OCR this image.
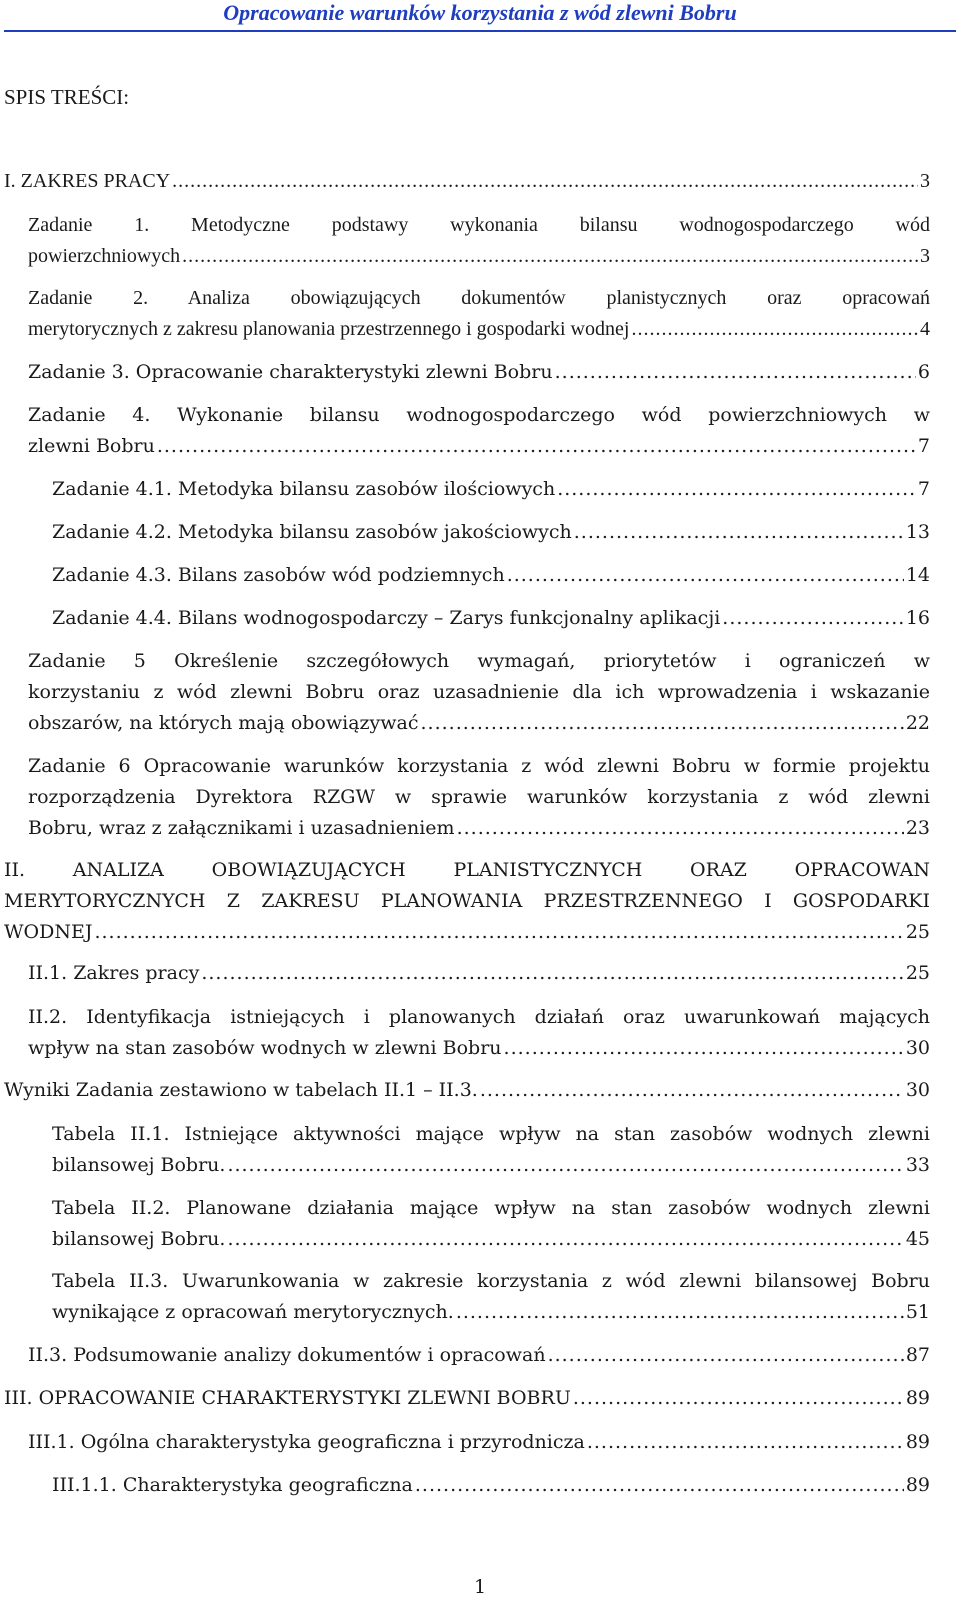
Opracowanie warunków korzystania z wód zlewni Bobru
SPIS TREŚCI:
I. ZAKRES PRACY .....	3
Zadanie 1. Metodyczne podstawy wykonania bilansu wodnogospodarczego wód
powierzchniowych .....	3
Zadanie 2. Analiza obowiązujących dokumentów planistycznych oraz opracowań
merytorycznych z zakresu planowania przestrzennego i gospodarki wodnej .....	4
Zadanie 3. Opracowanie charakterystyki zlewni Bobru .....	6
Zadanie 4. Wykonanie bilansu wodnogospodarczego wód powierzchniowych w
zlewni Bobru .....	7
Zadanie 4.1. Metodyka bilansu zasobów ilościowych .....	7
Zadanie 4.2. Metodyka bilansu zasobów jakościowych .....	13
Zadanie 4.3. Bilans zasobów wód podziemnych .....	14
Zadanie 4.4. Bilans wodnogospodarczy – Zarys funkcjonalny aplikacji .....	16
Zadanie 5 Określenie szczegółowych wymagań, priorytetów i ograniczeń w
korzystaniu z wód zlewni Bobru oraz uzasadnienie dla ich wprowadzenia i wskazanie
obszarów, na których mają obowiązywać .....	22
Zadanie 6 Opracowanie warunków korzystania z wód zlewni Bobru w formie projektu
rozporządzenia Dyrektora RZGW w sprawie warunków korzystania z wód zlewni
Bobru, wraz z załącznikami i uzasadnieniem .....	23
II. ANALIZA OBOWIĄZUJĄCYCH PLANISTYCZNYCH ORAZ OPRACOWAN
MERYTORYCZNYCH Z ZAKRESU PLANOWANIA PRZESTRZENNEGO I GOSPODARKI
WODNEJ .....	25
II.1. Zakres pracy .....	25
II.2. Identyfikacja istniejących i planowanych działań oraz uwarunkowań mających
wpływ na stan zasobów wodnych w zlewni Bobru .....	30
Wyniki Zadania zestawiono w tabelach II.1 – II.3. .....	30
Tabela II.1. Istniejące aktywności mające wpływ na stan zasobów wodnych zlewni
bilansowej Bobru. .....	33
Tabela II.2. Planowane działania mające wpływ na stan zasobów wodnych zlewni
bilansowej Bobru. .....	45
Tabela II.3. Uwarunkowania w zakresie korzystania z wód zlewni bilansowej Bobru
wynikające z opracowań merytorycznych. .....	51
II.3. Podsumowanie analizy dokumentów i opracowań .....	87
III. OPRACOWANIE CHARAKTERYSTYKI ZLEWNI BOBRU .....	89
III.1. Ogólna charakterystyka geograficzna i przyrodnicza .....	89
III.1.1. Charakterystyka geograficzna .....	89
1
